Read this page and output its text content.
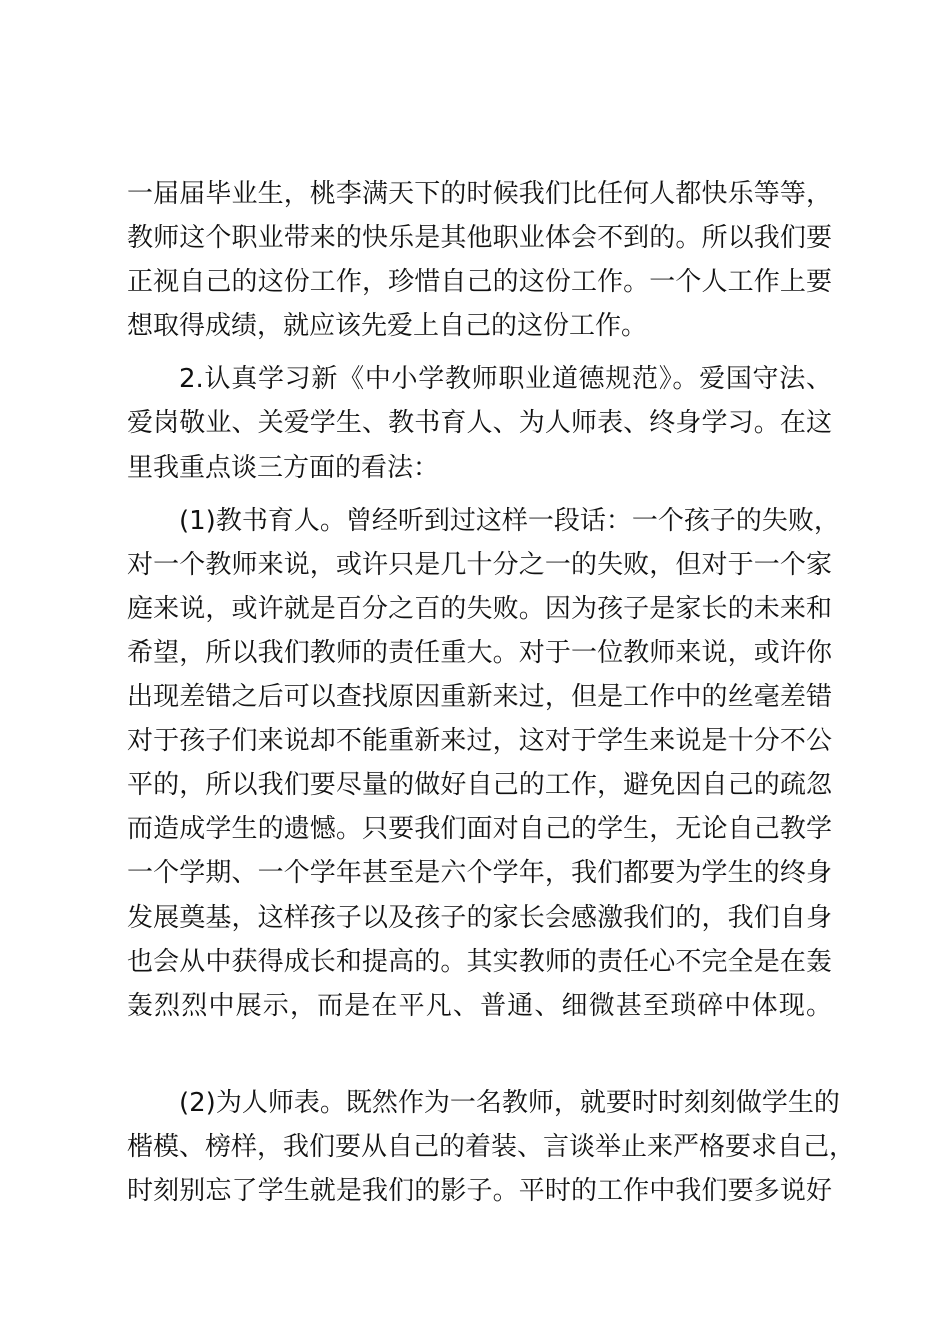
一届届毕业生，桃李满天下的时候我们比任何人都快乐等等，
教师这个职业带来的快乐是其他职业体会不到的。所以我们要
正视自己的这份工作，珍惜自己的这份工作。一个人工作上要
想取得成绩，就应该先爱上自己的这份工作。
2.认真学习新《中小学教师职业道德规范》。爱国守法、
爱岗敬业、关爱学生、教书育人、为人师表、终身学习。在这
里我重点谈三方面的看法：
(1)教书育人。曾经听到过这样一段话：一个孩子的失败，
对一个教师来说，或许只是几十分之一的失败，但对于一个家
庭来说，或许就是百分之百的失败。因为孩子是家长的未来和
希望，所以我们教师的责任重大。对于一位教师来说，或许你
出现差错之后可以查找原因重新来过，但是工作中的丝毫差错
对于孩子们来说却不能重新来过，这对于学生来说是十分不公
平的，所以我们要尽量的做好自己的工作，避免因自己的疏忽
而造成学生的遗憾。只要我们面对自己的学生，无论自己教学
一个学期、一个学年甚至是六个学年，我们都要为学生的终身
发展奠基，这样孩子以及孩子的家长会感激我们的，我们自身
也会从中获得成长和提高的。其实教师的责任心不完全是在轰
轰烈烈中展示，而是在平凡、普通、细微甚至琐碎中体现。
(2)为人师表。既然作为一名教师，就要时时刻刻做学生的
楷模、榜样，我们要从自己的着装、言谈举止来严格要求自己，
时刻别忘了学生就是我们的影子。平时的工作中我们要多说好
